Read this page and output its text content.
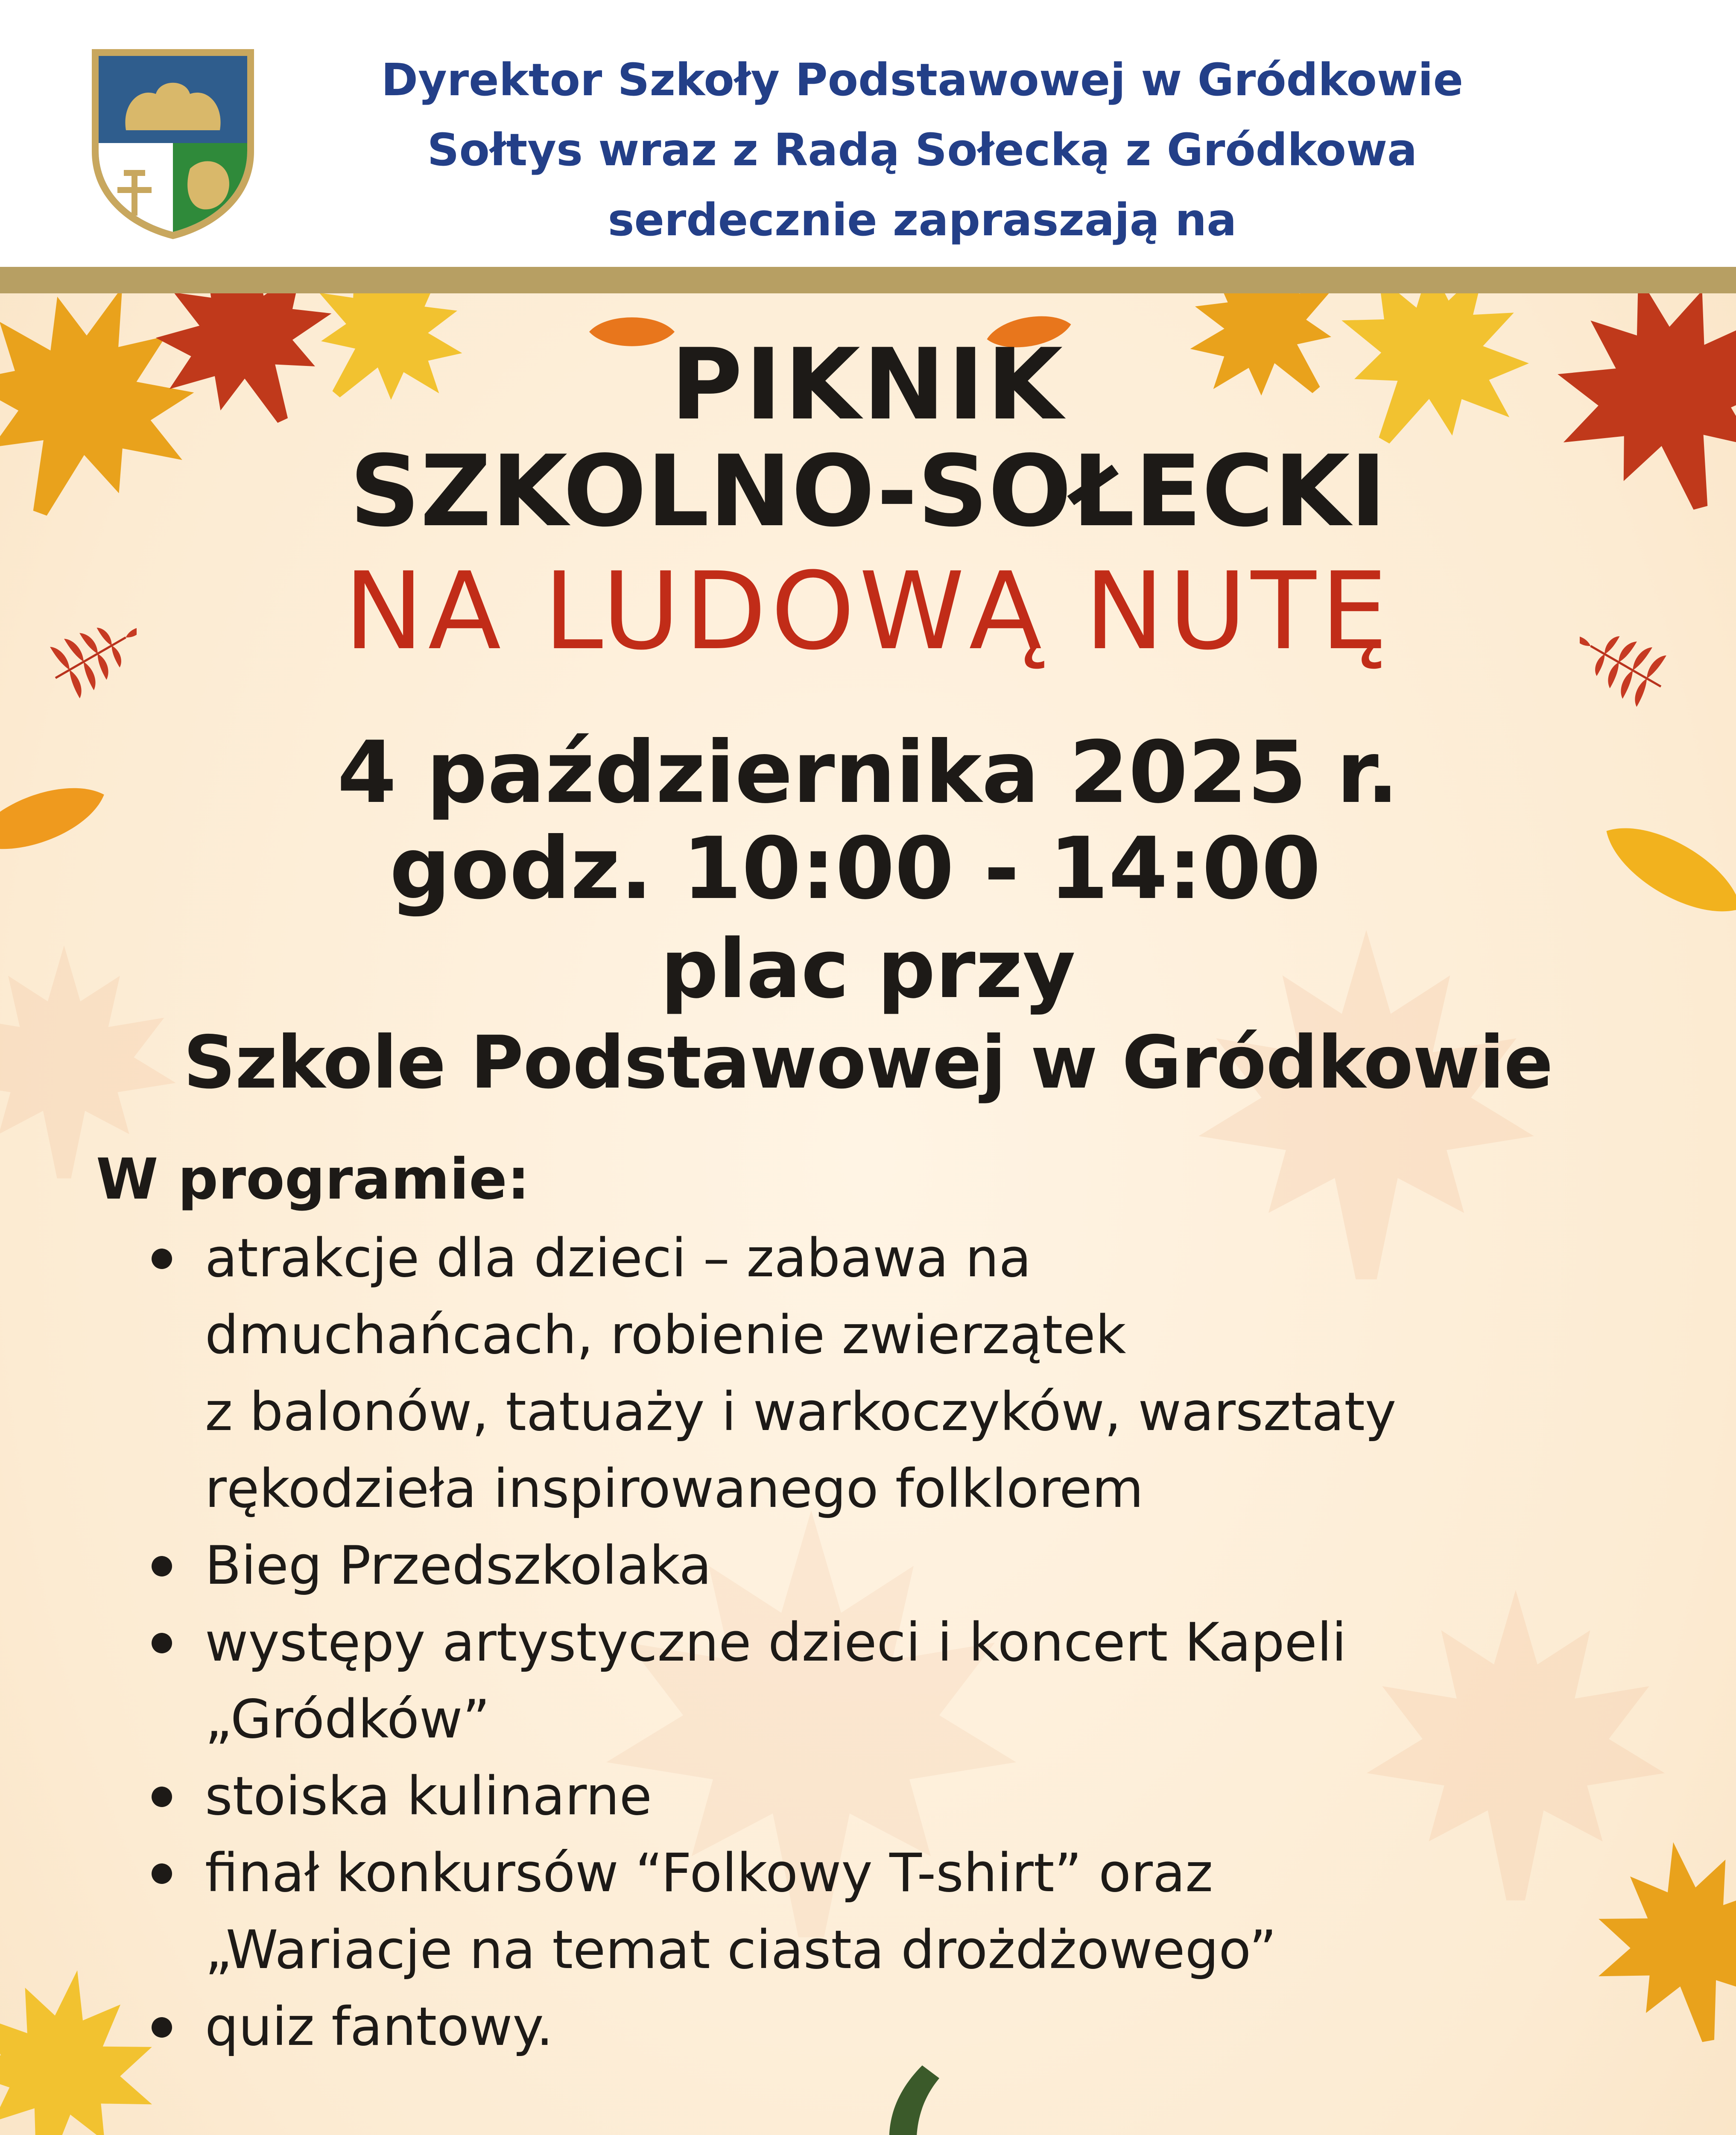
Dyrektor Szkoły Podstawowej w Gródkowie
Sołtys wraz z Radą Sołecką z Gródkowa
serdecznie zapraszają na
PIKNIK
SZKOLNO-SOŁECKI
NA LUDOWĄ NUTĘ
4 października 2025 r.
godz. 10:00 - 14:00
plac przy
Szkole Podstawowej w Gródkowie
W programie:
atrakcje dla dzieci – zabawa na
dmuchańcach, robienie zwierzątek
z balonów, tatuaży i warkoczyków, warsztaty
rękodzieła inspirowanego folklorem
Bieg Przedszkolaka
występy artystyczne dzieci i koncert Kapeli
„Gródków”
stoiska kulinarne
finał konkursów “Folkowy T-shirt” oraz
„Wariacje na temat ciasta drożdżowego”
quiz fantowy.
